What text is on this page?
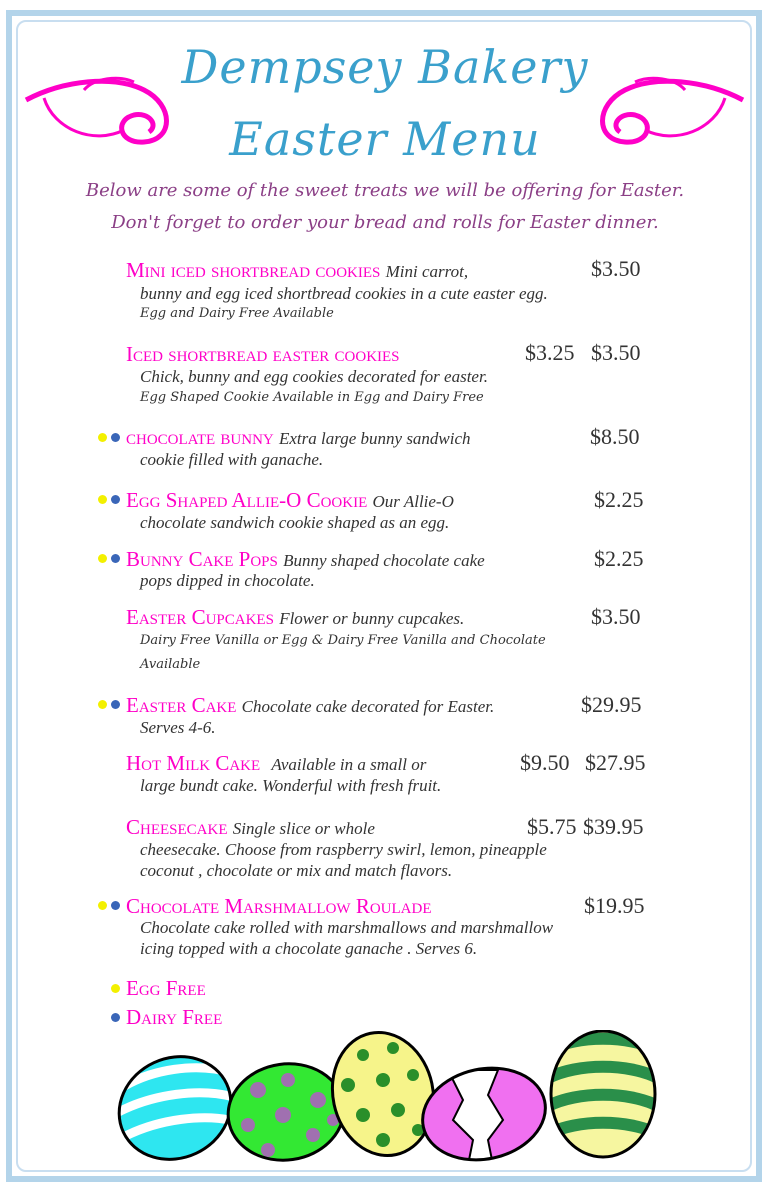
Dempsey Bakery
Easter Menu
Below are some of the sweet treats we will be offering for Easter.
Don't forget to order your bread and rolls for Easter dinner.
Mini iced shortbread cookies Mini carrot,
bunny and egg iced shortbread cookies in a cute easter egg.
Egg and Dairy Free Available
$3.50
Iced shortbread easter cookies
Chick, bunny and egg cookies decorated for easter.
Egg Shaped Cookie Available in Egg and Dairy Free
$3.25 $3.50
chocolate bunny Extra large bunny sandwich
cookie filled with ganache.
$8.50
Egg Shaped Allie-O Cookie Our Allie-O
chocolate sandwich cookie shaped as an egg.
$2.25
Bunny Cake Pops Bunny shaped chocolate cake
pops dipped in chocolate.
$2.25
Easter Cupcakes Flower or bunny cupcakes.
Dairy Free Vanilla or Egg & Dairy Free Vanilla and Chocolate
Available
$3.50
Easter Cake Chocolate cake decorated for Easter.
Serves 4-6.
$29.95
Hot Milk Cake Available in a small or
large bundt cake. Wonderful with fresh fruit.
$9.50 $27.95
Cheesecake Single slice or whole
cheesecake. Choose from raspberry swirl, lemon, pineapple
coconut , chocolate or mix and match flavors.
$5.75 $39.95
Chocolate Marshmallow Roulade
Chocolate cake rolled with marshmallows and marshmallow
icing topped with a chocolate ganache . Serves 6.
$19.95
Egg Free
Dairy Free
